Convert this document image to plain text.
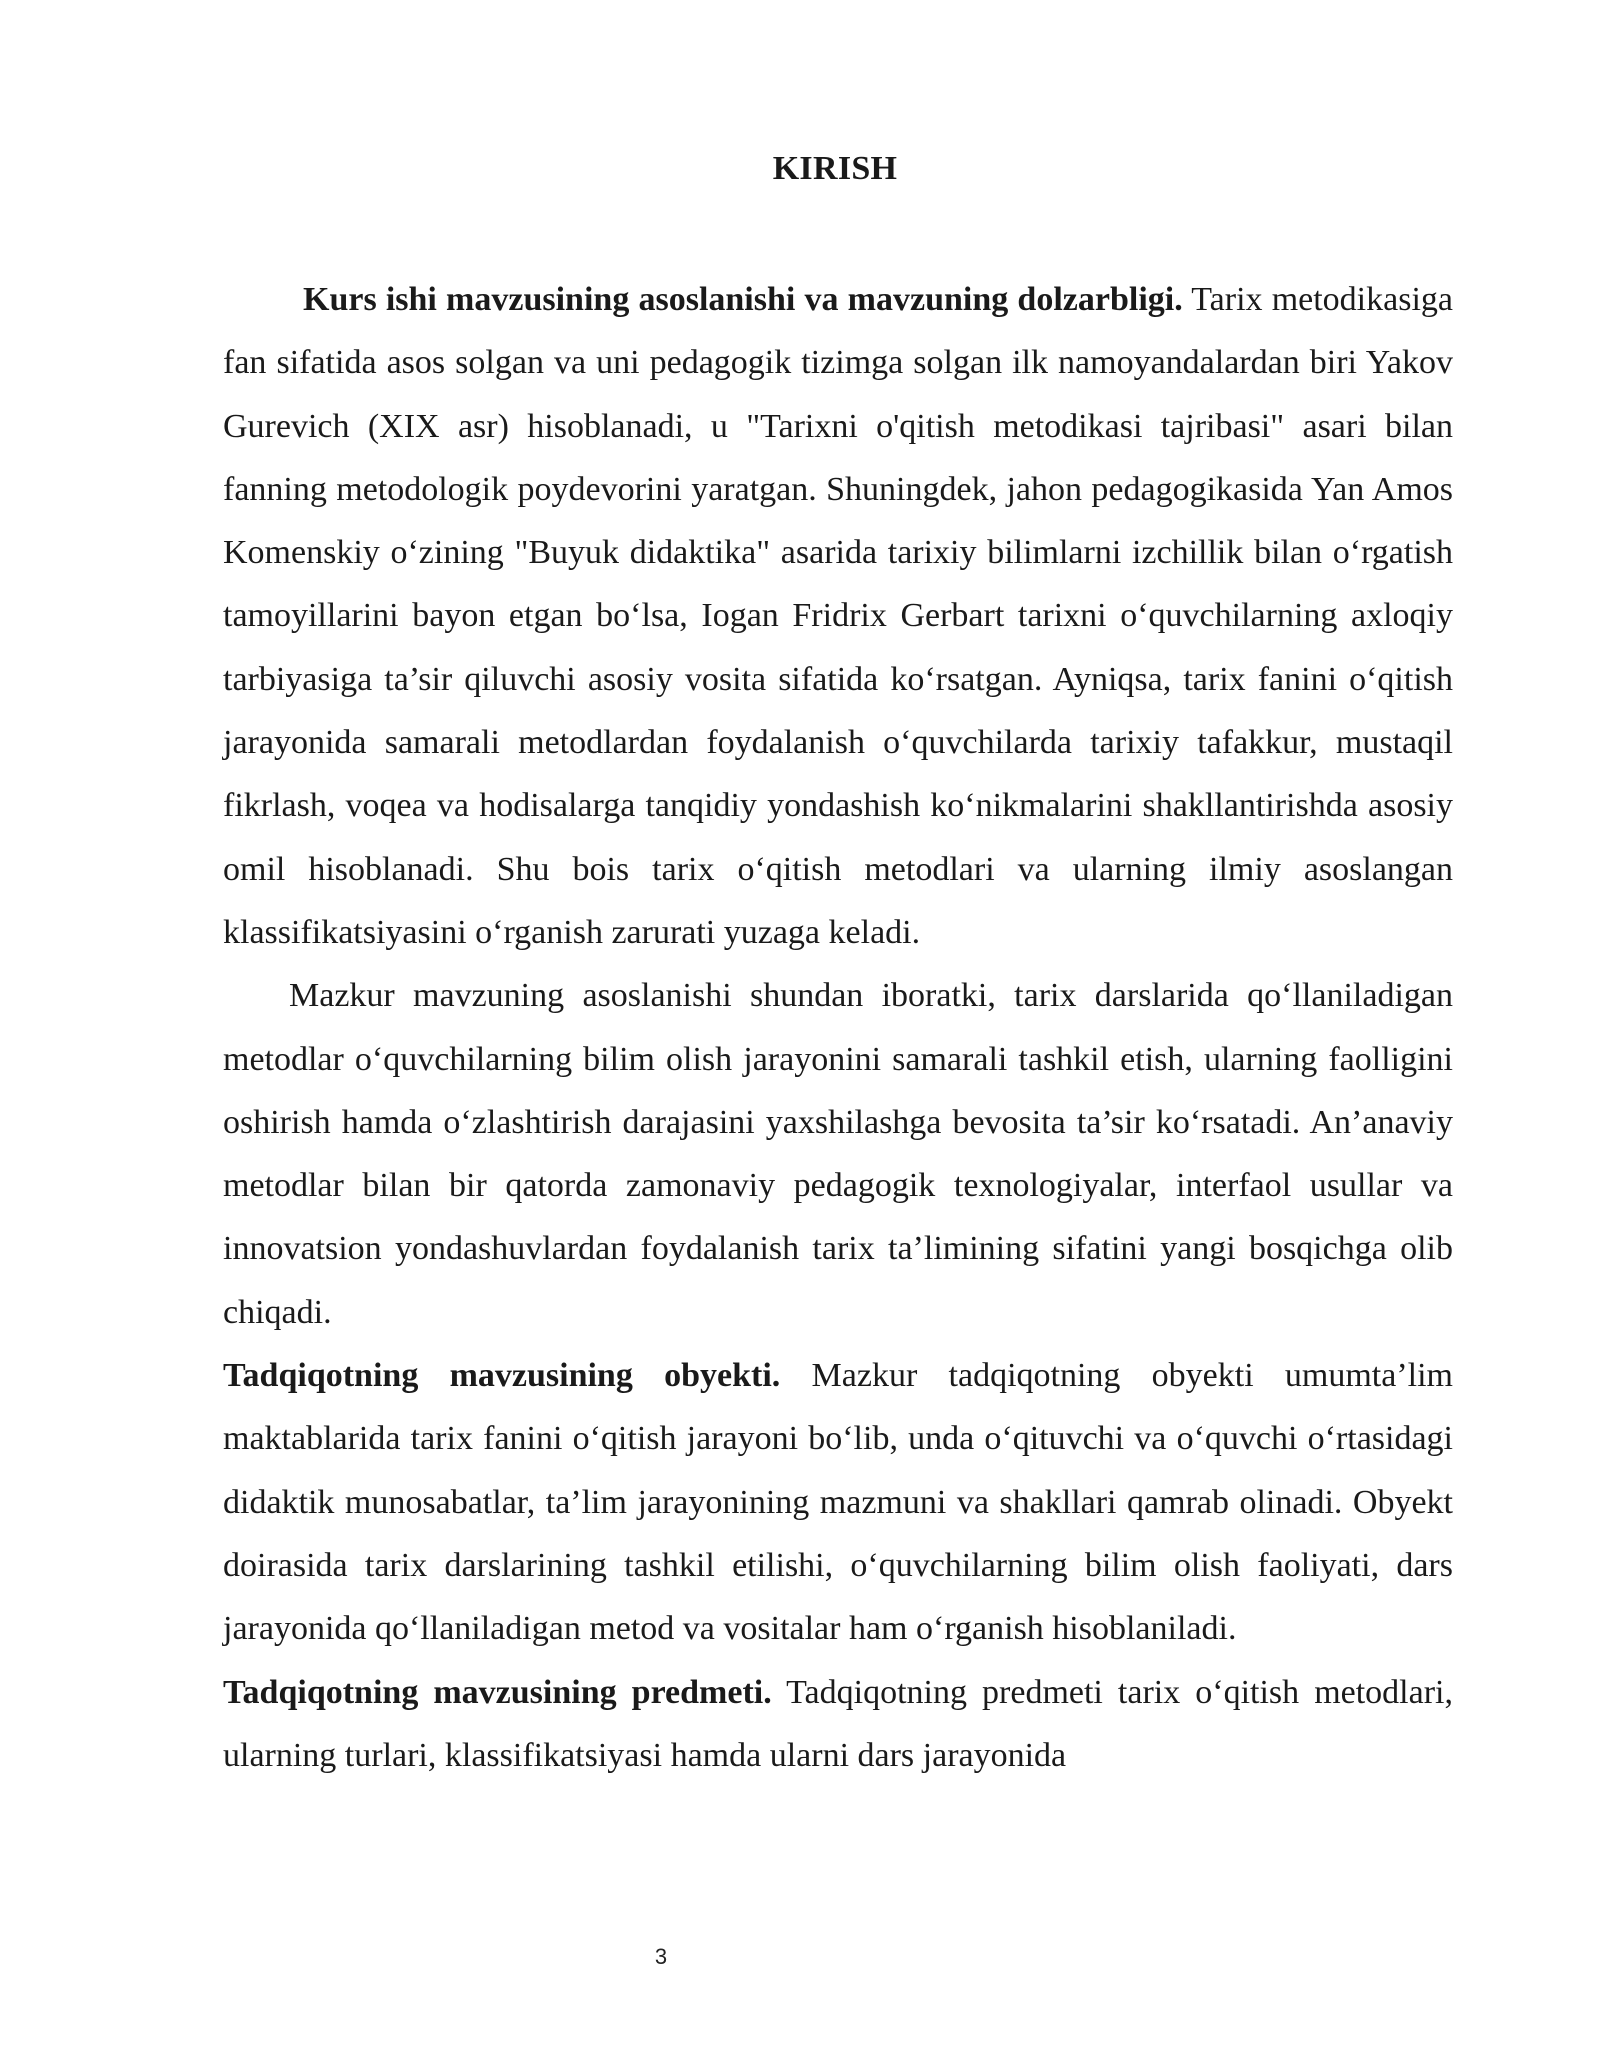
KIRISH

Kurs ishi mavzusining asoslanishi va mavzuning dolzarbligi. Tarix metodikasiga fan sifatida asos solgan va uni pedagogik tizimga solgan ilk namoyandalardan biri Yakov Gurevich (XIX asr) hisoblanadi, u "Tarixni o'qitish metodikasi tajribasi" asari bilan fanning metodologik poydevorini yaratgan. Shuningdek, jahon pedagogikasida Yan Amos Komenskiy o‘zining "Buyuk didaktika" asarida tarixiy bilimlarni izchillik bilan o‘rgatish tamoyillarini bayon etgan bo‘lsa, Iogan Fridrix Gerbart tarixni o‘quvchilarning axloqiy tarbiyasiga ta’sir qiluvchi asosiy vosita sifatida ko‘rsatgan. Ayniqsa, tarix fanini o‘qitish jarayonida samarali metodlardan foydalanish o‘quvchilarda tarixiy tafakkur, mustaqil fikrlash, voqea va hodisalarga tanqidiy yondashish ko‘nikmalarini shakllantirishda asosiy omil hisoblanadi. Shu bois tarix o‘qitish metodlari va ularning ilmiy asoslangan klassifikatsiyasini o‘rganish zarurati yuzaga keladi.

Mazkur mavzuning asoslanishi shundan iboratki, tarix darslarida qo‘llaniladigan metodlar o‘quvchilarning bilim olish jarayonini samarali tashkil etish, ularning faolligini oshirish hamda o‘zlashtirish darajasini yaxshilashga bevosita ta’sir ko‘rsatadi. An’anaviy metodlar bilan bir qatorda zamonaviy pedagogik texnologiyalar, interfaol usullar va innovatsion yondashuvlardan foydalanish tarix ta’limining sifatini yangi bosqichga olib chiqadi.

Tadqiqotning mavzusining obyekti. Mazkur tadqiqotning obyekti umumta’lim maktablarida tarix fanini o‘qitish jarayoni bo‘lib, unda o‘qituvchi va o‘quvchi o‘rtasidagi didaktik munosabatlar, ta’lim jarayonining mazmuni va shakllari qamrab olinadi. Obyekt doirasida tarix darslarining tashkil etilishi, o‘quvchilarning bilim olish faoliyati, dars jarayonida qo‘llaniladigan metod va vositalar ham o‘rganish hisoblaniladi.

Tadqiqotning mavzusining predmeti. Tadqiqotning predmeti tarix o‘qitish metodlari, ularning turlari, klassifikatsiyasi hamda ularni dars jarayonida

3
